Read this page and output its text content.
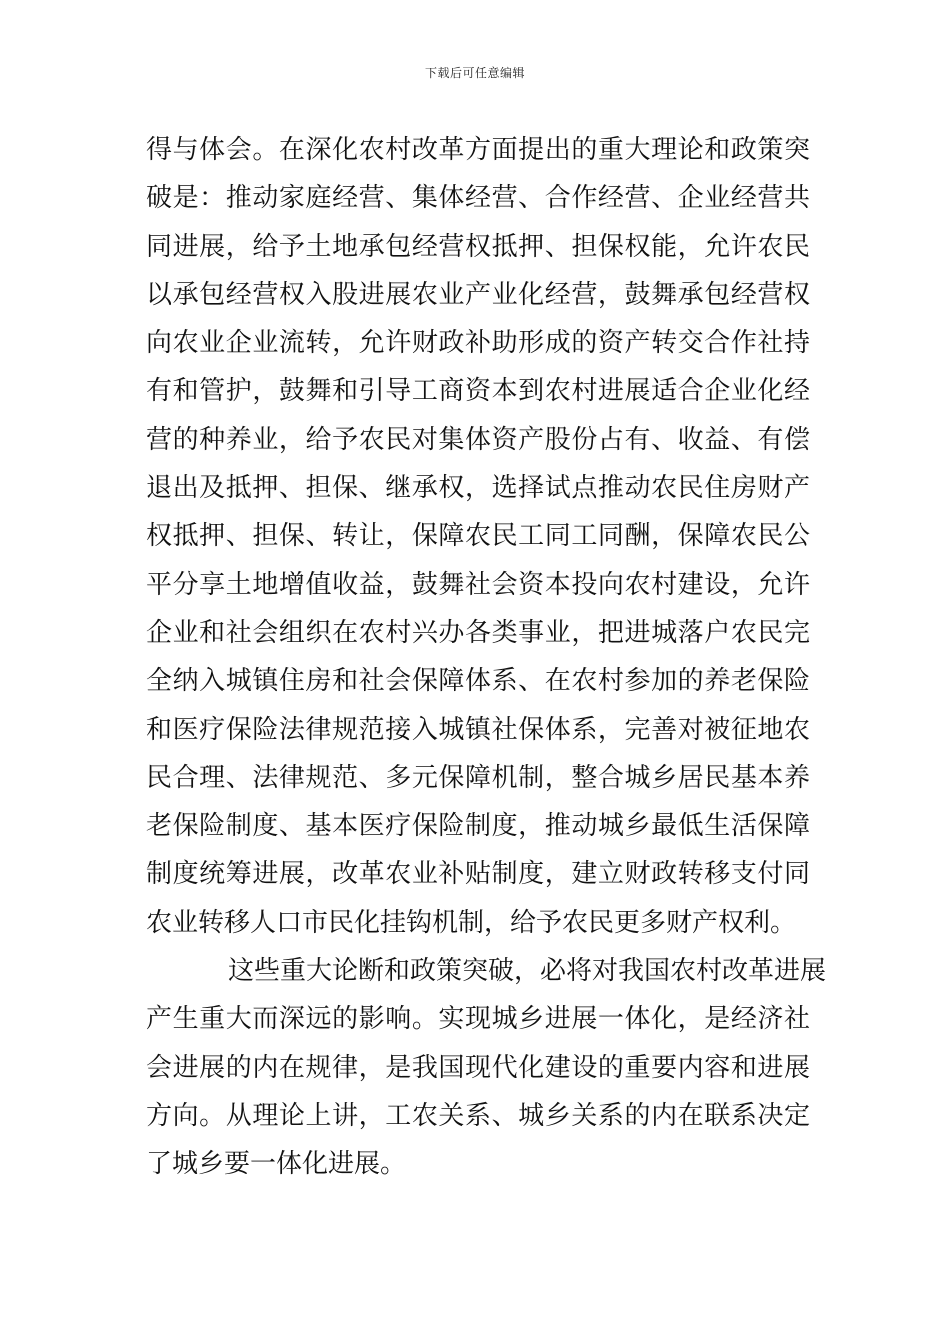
下载后可任意编辑
得与体会。在深化农村改革方面提出的重大理论和政策突
破是：推动家庭经营、集体经营、合作经营、企业经营共
同进展，给予土地承包经营权抵押、担保权能，允许农民
以承包经营权入股进展农业产业化经营，鼓舞承包经营权
向农业企业流转，允许财政补助形成的资产转交合作社持
有和管护，鼓舞和引导工商资本到农村进展适合企业化经
营的种养业，给予农民对集体资产股份占有、收益、有偿
退出及抵押、担保、继承权，选择试点推动农民住房财产
权抵押、担保、转让，保障农民工同工同酬，保障农民公
平分享土地增值收益，鼓舞社会资本投向农村建设，允许
企业和社会组织在农村兴办各类事业，把进城落户农民完
全纳入城镇住房和社会保障体系、在农村参加的养老保险
和医疗保险法律规范接入城镇社保体系，完善对被征地农
民合理、法律规范、多元保障机制，整合城乡居民基本养
老保险制度、基本医疗保险制度，推动城乡最低生活保障
制度统筹进展，改革农业补贴制度，建立财政转移支付同
农业转移人口市民化挂钩机制，给予农民更多财产权利。
这些重大论断和政策突破，必将对我国农村改革进展
产生重大而深远的影响。实现城乡进展一体化，是经济社
会进展的内在规律，是我国现代化建设的重要内容和进展
方向。从理论上讲，工农关系、城乡关系的内在联系决定
了城乡要一体化进展。
